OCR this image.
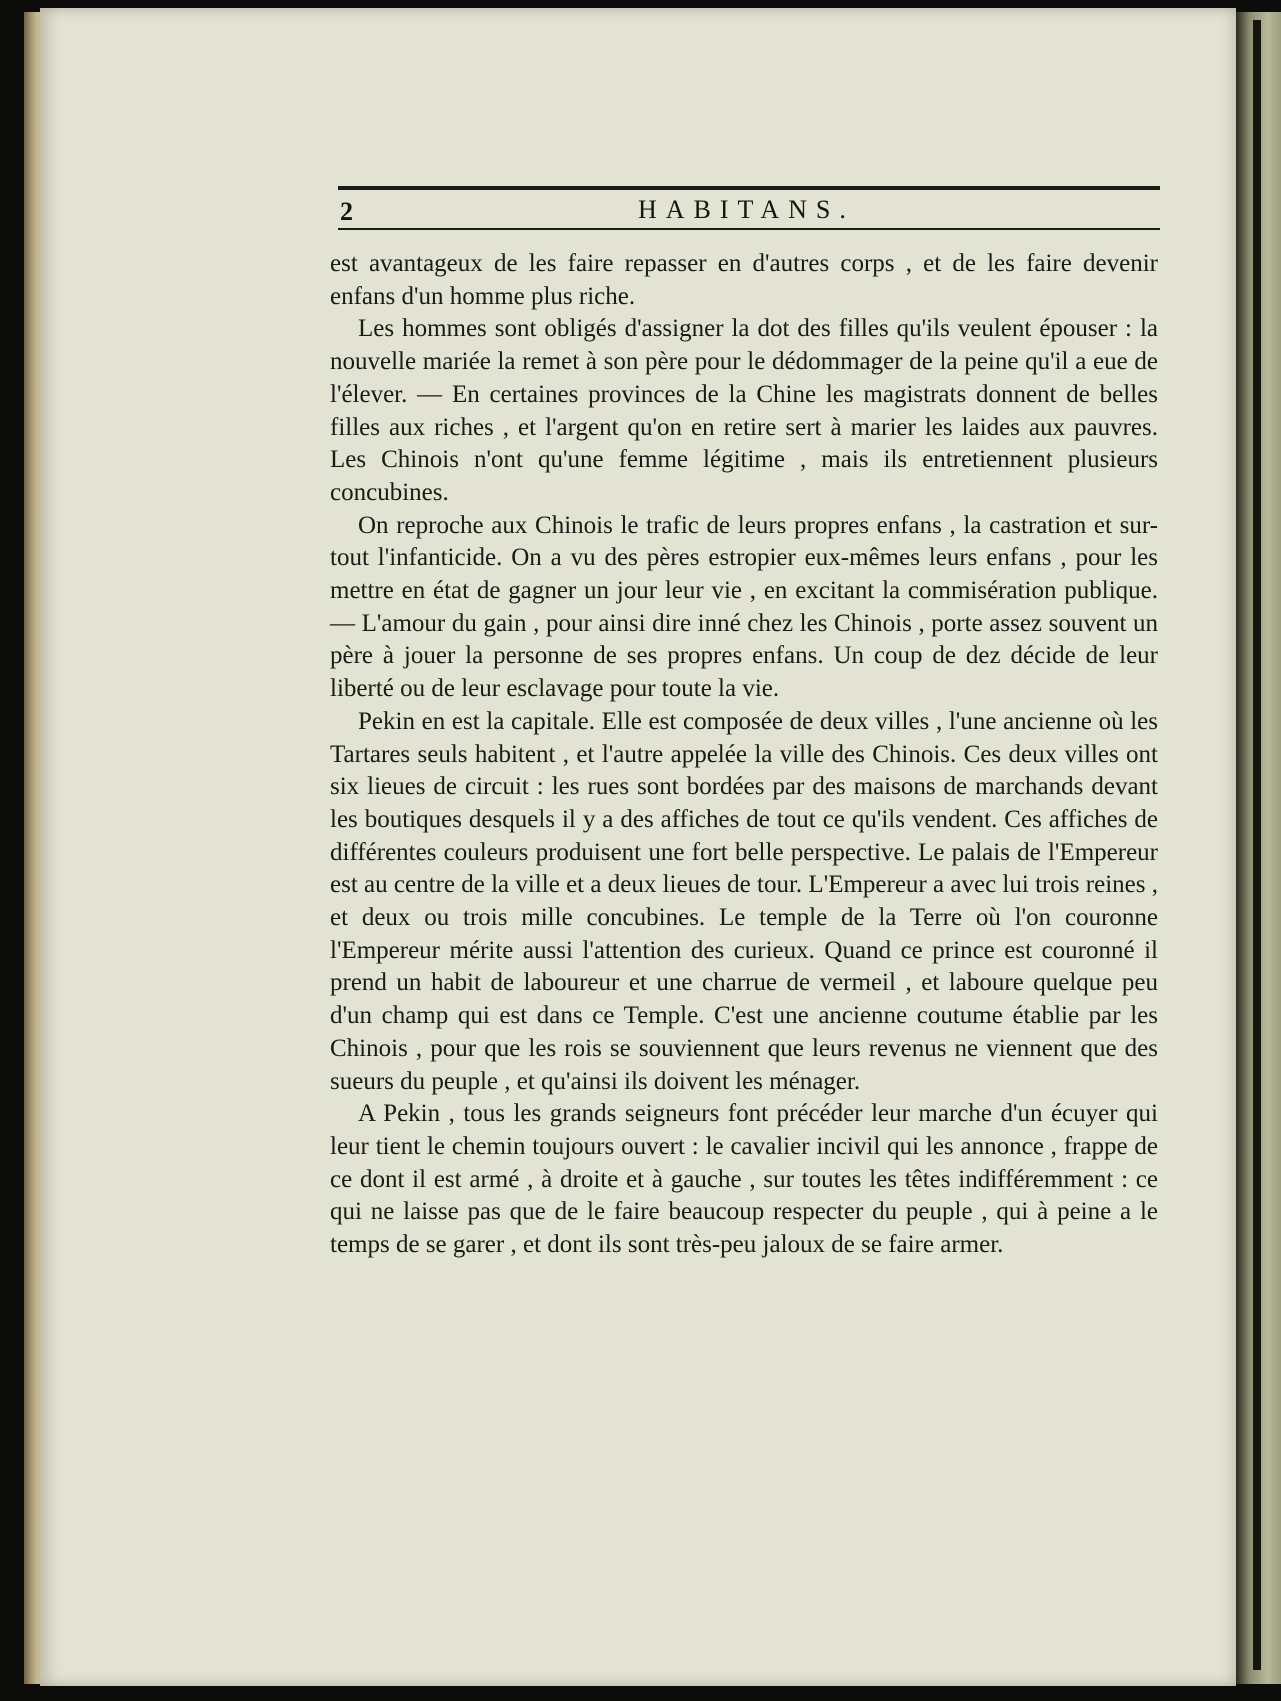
2	HABITANS.

est avantageux de les faire repasser en d'autres corps , et de les faire devenir enfans d'un homme plus riche.

Les hommes sont obligés d'assigner la dot des filles qu'ils veulent épouser : la nouvelle mariée la remet à son père pour le dédommager de la peine qu'il a eue de l'élever. — En certaines provinces de la Chine les magistrats donnent de belles filles aux riches , et l'argent qu'on en retire sert à marier les laides aux pauvres. Les Chinois n'ont qu'une femme légitime , mais ils entretiennent plusieurs concubines.

On reproche aux Chinois le trafic de leurs propres enfans , la castration et sur-tout l'infanticide. On a vu des pères estropier eux-mêmes leurs enfans , pour les mettre en état de gagner un jour leur vie , en excitant la commisération publique. — L'amour du gain , pour ainsi dire inné chez les Chinois , porte assez souvent un père à jouer la personne de ses propres enfans. Un coup de dez décide de leur liberté ou de leur esclavage pour toute la vie.

Pekin en est la capitale. Elle est composée de deux villes , l'une ancienne où les Tartares seuls habitent , et l'autre appelée la ville des Chinois. Ces deux villes ont six lieues de circuit : les rues sont bordées par des maisons de marchands devant les boutiques desquels il y a des affiches de tout ce qu'ils vendent. Ces affiches de différentes couleurs produisent une fort belle perspective. Le palais de l'Empereur est au centre de la ville et a deux lieues de tour. L'Empereur a avec lui trois reines , et deux ou trois mille concubines. Le temple de la Terre où l'on couronne l'Empereur mérite aussi l'attention des curieux. Quand ce prince est couronné il prend un habit de laboureur et une charrue de vermeil , et laboure quelque peu d'un champ qui est dans ce Temple. C'est une ancienne coutume établie par les Chinois , pour que les rois se souviennent que leurs revenus ne viennent que des sueurs du peuple , et qu'ainsi ils doivent les ménager.

A Pekin , tous les grands seigneurs font précéder leur marche d'un écuyer qui leur tient le chemin toujours ouvert : le cavalier incivil qui les annonce , frappe de ce dont il est armé , à droite et à gauche , sur toutes les têtes indifféremment : ce qui ne laisse pas que de le faire beaucoup respecter du peuple , qui à peine a le temps de se garer , et dont ils sont très-peu jaloux de se faire armer.
